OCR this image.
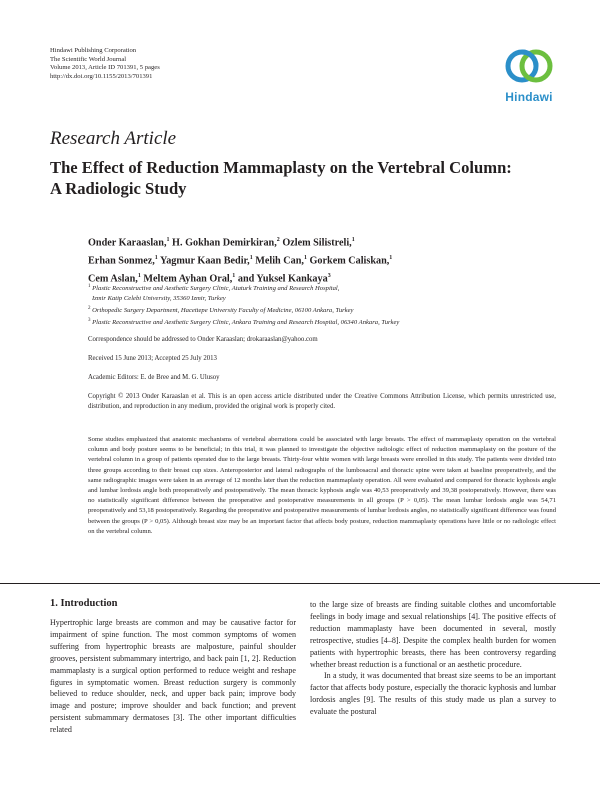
Hindawi Publishing Corporation
The Scientific World Journal
Volume 2013, Article ID 701391, 5 pages
http://dx.doi.org/10.1155/2013/701391
Hindawi
Research Article
The Effect of Reduction Mammaplasty on the Vertebral Column:
A Radiologic Study
Onder Karaaslan,$^1$ H. Gokhan Demirkiran,$^2$ Ozlem Silistreli,$^1$
Erhan Sonmez,$^1$ Yagmur Kaan Bedir,$^1$ Melih Can,$^1$ Gorkem Caliskan,$^1$
Cem Aslan,$^1$ Meltem Ayhan Oral,$^1$ and Yuksel Kankaya$^3$
$^1$ Plastic Reconstructive and Aesthetic Surgery Clinic, Ataturk Training and Research Hospital,
Izmir Katip Celebi University, 35360 Izmir, Turkey
$^2$ Orthopedic Surgery Department, Hacettepe University Faculty of Medicine, 06100 Ankara, Turkey
$^3$ Plastic Reconstructive and Aesthetic Surgery Clinic, Ankara Training and Research Hospital, 06340 Ankara, Turkey
Correspondence should be addressed to Onder Karaaslan; drokaraaslan@yahoo.com
Received 15 June 2013; Accepted 25 July 2013
Academic Editors: E. de Bree and M. G. Ulusoy
Copyright © 2013 Onder Karaaslan et al. This is an open access article distributed under the Creative Commons Attribution License, which permits unrestricted use, distribution, and reproduction in any medium, provided the original work is properly cited.
Some studies emphasized that anatomic mechanisms of vertebral aberrations could be associated with large breasts. The effect of mammaplasty operation on the vertebral column and body posture seems to be beneficial; in this trial, it was planned to investigate the objective radiologic effect of reduction mammaplasty on the posture of the vertebral column in a group of patients operated due to the large breasts. Thirty-four white women with large breasts were enrolled in this study. The patients were divided into three groups according to their breast cup sizes. Anteroposterior and lateral radiographs of the lumbosacral and thoracic spine were taken at baseline preoperatively, and the same radiographic images were taken in an average of 12 months later than the reduction mammaplasty operation. All were evaluated and compared for thoracic kyphosis angle and lumbar lordosis angle both preoperatively and postoperatively. The mean thoracic kyphosis angle was 40,53 preoperatively and 39,38 postoperatively. However, there was no statistically significant difference between the preoperative and postoperative measurements in all groups (P > 0,05). The mean lumbar lordosis angle was 54,71 preoperatively and 53,18 postoperatively. Regarding the preoperative and postoperative measurements of lumbar lordosis angles, no statistically significant difference was found between the groups (P > 0,05). Although breast size may be an important factor that affects body posture, reduction mammaplasty operations have little or no radiologic effect on the vertebral column.
1. Introduction

Hypertrophic large breasts are common and may be causative factor for impairment of spine function. The most common symptoms of women suffering from hypertrophic breasts are malposture, painful shoulder grooves, persistent submammary intertrigo, and back pain [1, 2]. Reduction mammaplasty is a surgical option performed to reduce weight and reshape figures in symptomatic women. Breast reduction surgery is commonly believed to reduce shoulder, neck, and upper back pain; improve body image and posture; improve shoulder and back function; and prevent persistent submammary dermatoses [3]. The other important difficulties related

to the large size of breasts are finding suitable clothes and uncomfortable feelings in body image and sexual relationships [4]. The positive effects of reduction mammaplasty have been documented in several, mostly retrospective, studies [4–8]. Despite the complex health burden for women patients with hypertrophic breasts, there has been controversy regarding whether breast reduction is a functional or an aesthetic procedure.

In a study, it was documented that breast size seems to be an important factor that affects body posture, especially the thoracic kyphosis and lumbar lordosis angles [9]. The results of this study made us plan a survey to evaluate the postural
